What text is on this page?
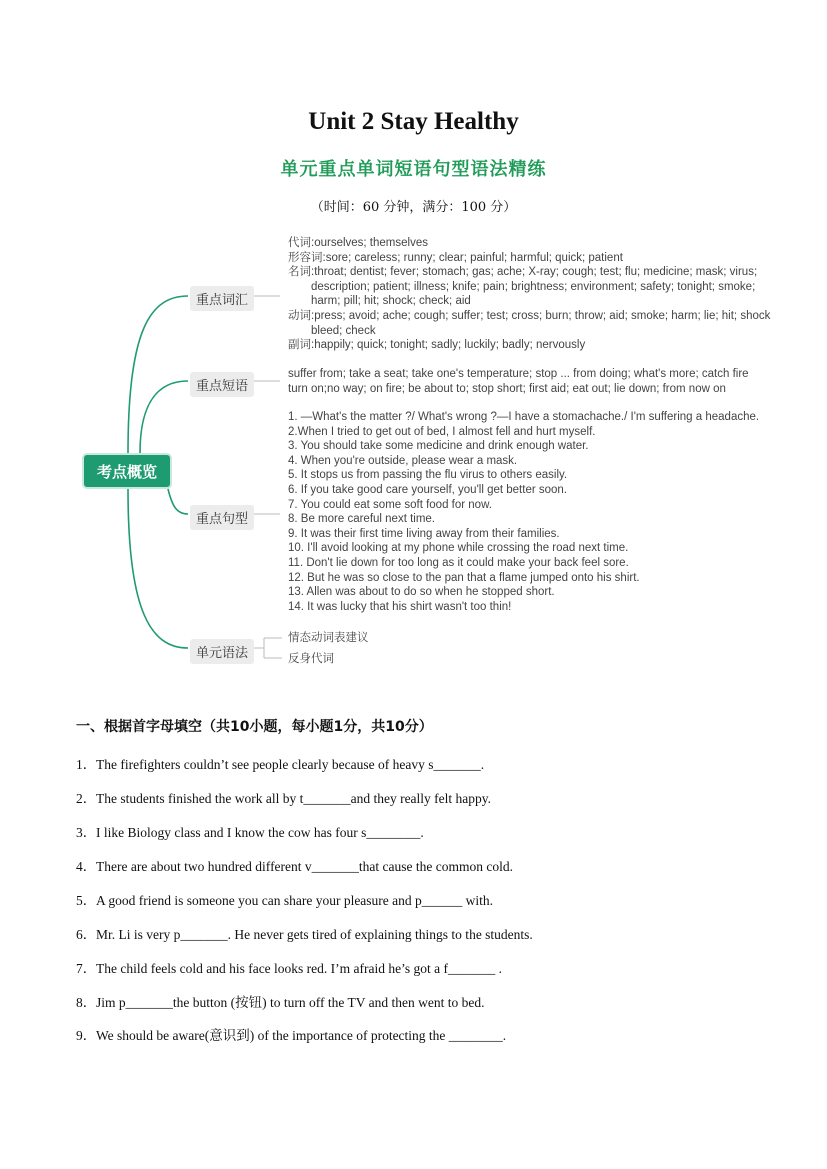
Unit 2 Stay Healthy
单元重点单词短语句型语法精练
（时间：60 分钟，满分：100 分）
考点概览
重点词汇
重点短语
重点句型
单元语法
代词:ourselves; themselves
形容词:sore; careless; runny; clear; painful; harmful; quick; patient
名词:throat; dentist; fever; stomach; gas; ache; X-ray; cough; test; flu; medicine; mask; virus;
description; patient; illness; knife; pain; brightness; environment; safety; tonight; smoke;
harm; pill; hit; shock; check; aid
动词:press; avoid; ache; cough; suffer; test; cross; burn; throw; aid; smoke; harm; lie; hit; shock
bleed; check
副词:happily; quick; tonight; sadly; luckily; badly; nervously
suffer from; take a seat; take one's temperature; stop ... from doing; what's more; catch fire
turn on;no way; on fire; be about to; stop short; first aid; eat out; lie down; from now on
1. —What's the matter ?/ What's wrong ?—I have a stomachache./ I'm suffering a headache.
2.When I tried to get out of bed, I almost fell and hurt myself.
3. You should take some medicine and drink enough water.
4. When you're outside, please wear a mask.
5. It stops us from passing the flu virus to others easily.
6. If you take good care yourself, you'll get better soon.
7. You could eat some soft food for now.
8. Be more careful next time.
9. It was their first time living away from their families.
10. I'll avoid looking at my phone while crossing the road next time.
11. Don't lie down for too long as it could make your back feel sore.
12. But he was so close to the pan that a flame jumped onto his shirt.
13. Allen was about to do so when he stopped short.
14. It was lucky that his shirt wasn't too thin!
情态动词表建议
反身代词
一、根据首字母填空（共10小题，每小题1分，共10分）
1．The firefighters couldn’t see people clearly because of heavy s_______.
2．The students finished the work all by t_______and they really felt happy.
3．I like Biology class and I know the cow has four s________.
4．There are about two hundred different v_______that cause the common cold.
5．A good friend is someone you can share your pleasure and p______ with.
6．Mr. Li is very p_______. He never gets tired of explaining things to the students.
7．The child feels cold and his face looks red. I’m afraid he’s got a f_______ .
8．Jim p_______the button (按钮) to turn off the TV and then went to bed.
9．We should be aware(意识到) of the importance of protecting the ________.
